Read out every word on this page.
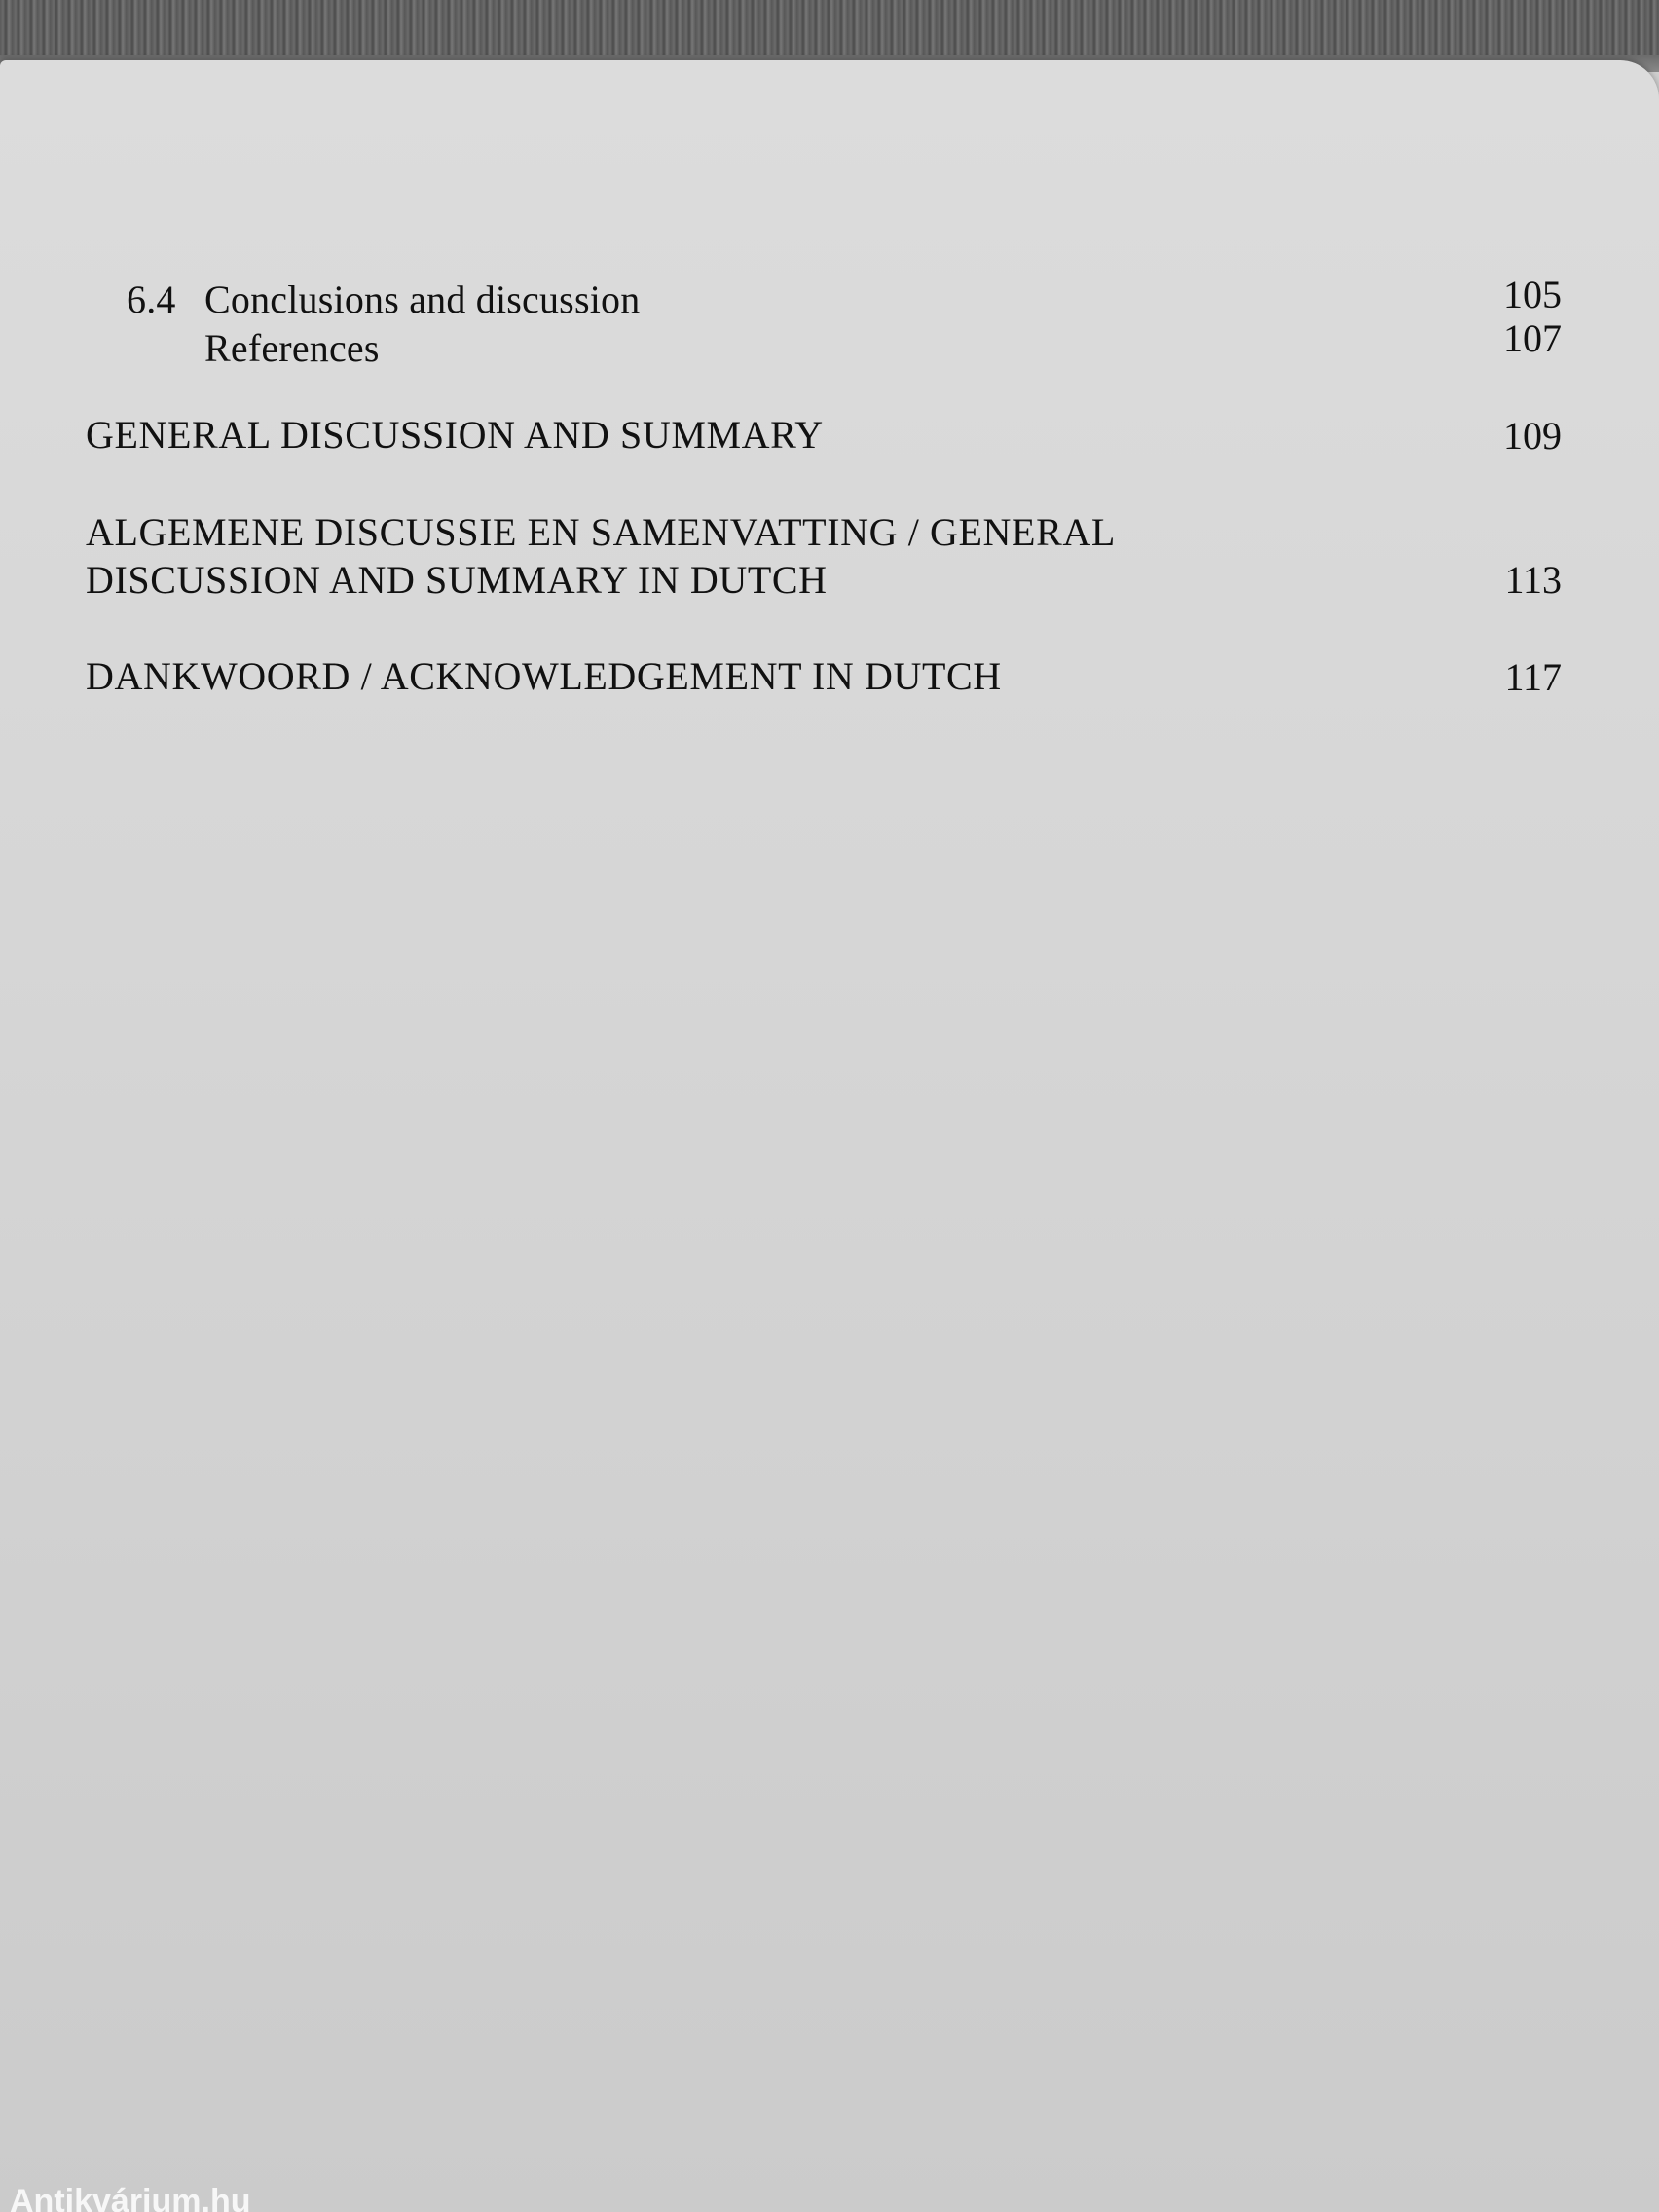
6.4 Conclusions and discussion	105
References	107
GENERAL DISCUSSION AND SUMMARY	109
ALGEMENE DISCUSSIE EN SAMENVATTING / GENERAL
DISCUSSION AND SUMMARY IN DUTCH	113
DANKWOORD / ACKNOWLEDGEMENT IN DUTCH	117
Antikvárium.hu
